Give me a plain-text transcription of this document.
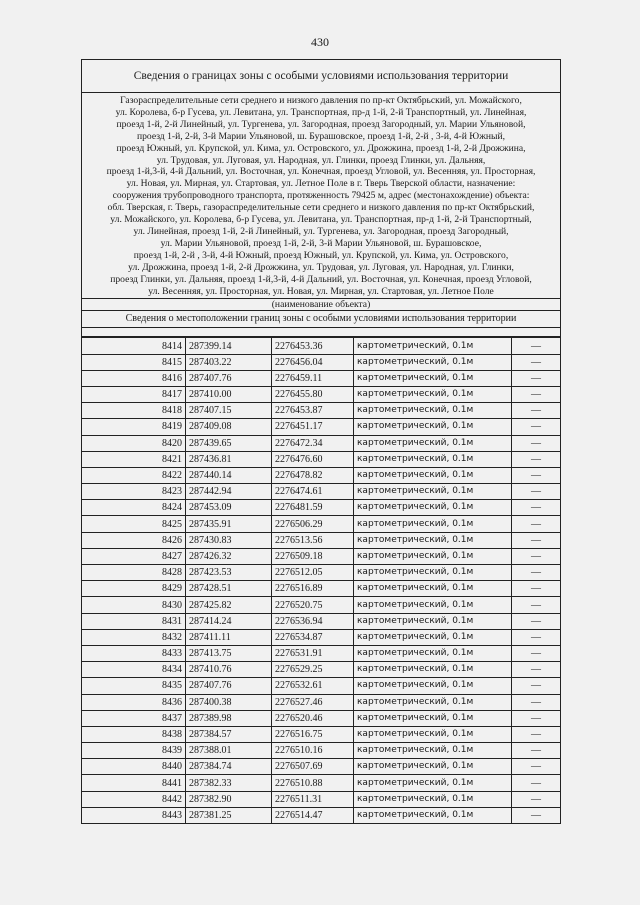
430
Сведения о границах зоны с особыми условиями использования территории
Газораспределительные сети среднего и низкого давления по пр-кт Октябрьский, ул. Можайского,
ул. Королева, б-р Гусева, ул. Левитана, ул. Транспортная, пр-д 1-й, 2-й Транспортный, ул. Линейная,
проезд 1-й, 2-й Линейный, ул. Тургенева, ул. Загородная, проезд Загородный, ул. Марии Ульяновой,
проезд 1-й, 2-й, 3-й Марии Ульяновой, ш. Бурашовское, проезд 1-й, 2-й , 3-й, 4-й Южный,
проезд Южный, ул. Крупской, ул. Кима, ул. Островского, ул. Дрожжина, проезд 1-й, 2-й Дрожжина,
ул. Трудовая, ул. Луговая, ул. Народная, ул. Глинки, проезд Глинки, ул. Дальняя,
проезд 1-й,3-й, 4-й Дальний, ул. Восточная, ул. Конечная, проезд Угловой, ул. Весенняя, ул. Просторная,
ул. Новая, ул. Мирная, ул. Стартовая, ул. Летное Поле в г. Тверь Тверской области, назначение:
сооружения трубопроводного транспорта, протяженность 79425 м, адрес (местонахождение) объекта:
обл. Тверская, г. Тверь, газораспределительные сети среднего и низкого давления по пр-кт Октябрьский,
ул. Можайского, ул. Королева, б-р Гусева, ул. Левитана, ул. Транспортная, пр-д 1-й, 2-й Транспортный,
ул. Линейная, проезд 1-й, 2-й Линейный, ул. Тургенева, ул. Загородная, проезд Загородный,
ул. Марии Ульяновой, проезд 1-й, 2-й, 3-й Марии Ульяновой, ш. Бурашовское,
проезд 1-й, 2-й , 3-й, 4-й Южный, проезд Южный, ул. Крупской, ул. Кима, ул. Островского,
ул. Дрожжина, проезд 1-й, 2-й Дрожжина, ул. Трудовая, ул. Луговая, ул. Народная, ул. Глинки,
проезд Глинки, ул. Дальняя, проезд 1-й,3-й, 4-й Дальний, ул. Восточная, ул. Конечная, проезд Угловой,
ул. Весенняя, ул. Просторная, ул. Новая, ул. Мирная, ул. Стартовая, ул. Летное Поле
(наименование объекта)
Сведения о местоположении границ зоны с особыми условиями использования территории
8414	287399.14	2276453.36	картометрический, 0.1м	—
8415	287403.22	2276456.04	картометрический, 0.1м	—
8416	287407.76	2276459.11	картометрический, 0.1м	—
8417	287410.00	2276455.80	картометрический, 0.1м	—
8418	287407.15	2276453.87	картометрический, 0.1м	—
8419	287409.08	2276451.17	картометрический, 0.1м	—
8420	287439.65	2276472.34	картометрический, 0.1м	—
8421	287436.81	2276476.60	картометрический, 0.1м	—
8422	287440.14	2276478.82	картометрический, 0.1м	—
8423	287442.94	2276474.61	картометрический, 0.1м	—
8424	287453.09	2276481.59	картометрический, 0.1м	—
8425	287435.91	2276506.29	картометрический, 0.1м	—
8426	287430.83	2276513.56	картометрический, 0.1м	—
8427	287426.32	2276509.18	картометрический, 0.1м	—
8428	287423.53	2276512.05	картометрический, 0.1м	—
8429	287428.51	2276516.89	картометрический, 0.1м	—
8430	287425.82	2276520.75	картометрический, 0.1м	—
8431	287414.24	2276536.94	картометрический, 0.1м	—
8432	287411.11	2276534.87	картометрический, 0.1м	—
8433	287413.75	2276531.91	картометрический, 0.1м	—
8434	287410.76	2276529.25	картометрический, 0.1м	—
8435	287407.76	2276532.61	картометрический, 0.1м	—
8436	287400.38	2276527.46	картометрический, 0.1м	—
8437	287389.98	2276520.46	картометрический, 0.1м	—
8438	287384.57	2276516.75	картометрический, 0.1м	—
8439	287388.01	2276510.16	картометрический, 0.1м	—
8440	287384.74	2276507.69	картометрический, 0.1м	—
8441	287382.33	2276510.88	картометрический, 0.1м	—
8442	287382.90	2276511.31	картометрический, 0.1м	—
8443	287381.25	2276514.47	картометрический, 0.1м	—
